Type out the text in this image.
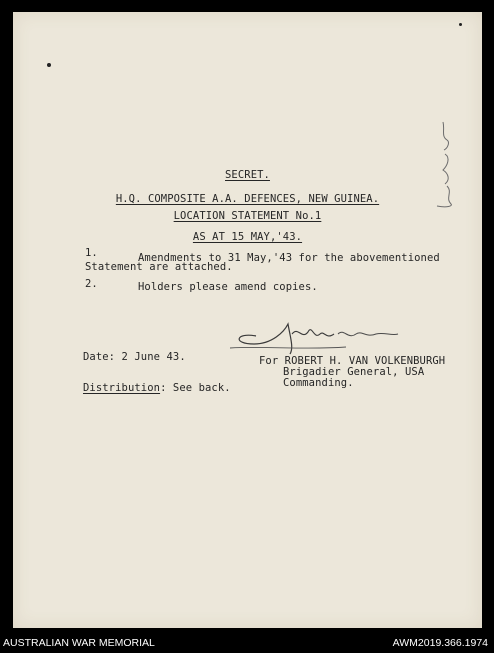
SECRET.
H.Q. COMPOSITE A.A. DEFENCES, NEW GUINEA.
LOCATION STATEMENT No.1
AS AT 15 MAY,'43.
1.	Amendments to 31 May,'43 for the abovementioned
Statement are attached.
2.	Holders please amend copies.
Date: 2 June 43.	For ROBERT H. VAN VOLKENBURGH
Brigadier General, USA
Commanding.
Distribution: See back.
AUSTRALIAN WAR MEMORIAL	AWM2019.366.1974
